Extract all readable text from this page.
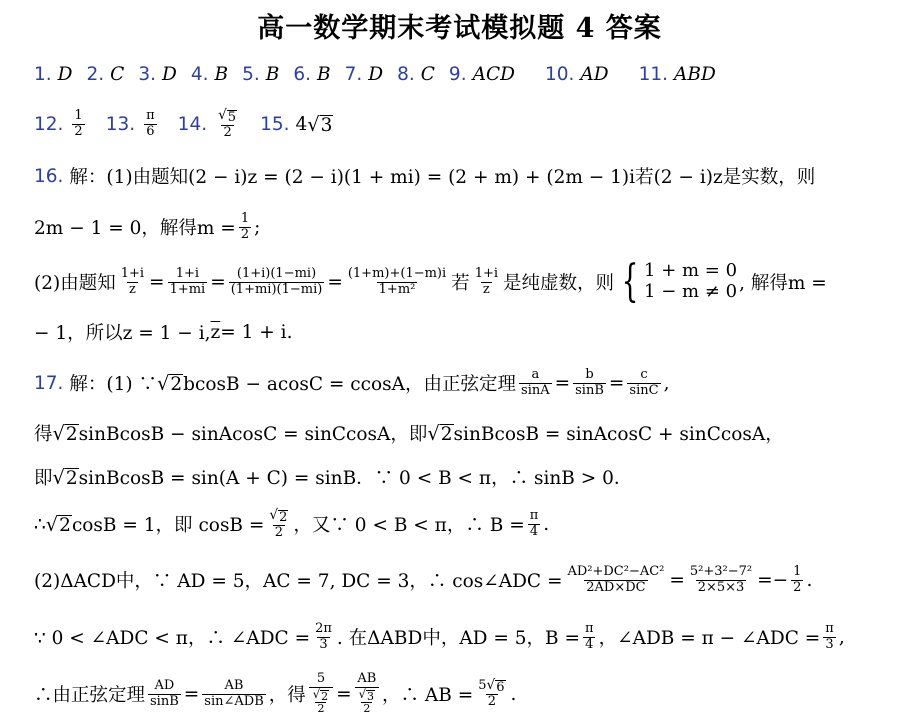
高一数学期末考试模拟题 4 答案
1. D 2. C 3. D 4. B 5. B 6. B 7. D 8. C 9. ACD 10. AD 11. ABD
12. $\frac{1}{2} 13$. $\frac{\pi}{6} 14$. $\frac{√ 5}{2} 15$. 4 √ 3
16. 解：(1)由题知(2 − i)z = (2 − i)(1 + mi) = (2 + m) + (2m − 1)i若(2 − i)z是实数，则
2m − 1 = 0，解得$m = \frac{1}{2}$ ;
(2)由题知 $\frac{1+i}{z} = \frac{1+i}{1+mi} = \frac{(1+i)(1-mi)}{(1+mi)(1-mi)} = \frac{(1+m)+(1-m)i}{\text{1+m²}}$ 若 $\frac{1+i}{z}$ 是纯虚数，则 { 1 + m = 0
1 − m ≠ 0 , 解得m =
− 1，所以z = 1 − i, $\overline{z} = 1 + i$.
17. 解：(1) ∵ √ 2 bcosB − acosC = ccosA，由正弦定理 $\frac{a}{\sin A} = \frac{b}{\sin B} = \frac{c}{\sin C}$ ,
得 √ 2 sinBcosB − sinAcosC = sinCcosA，即 √ 2 sinBcosB = sinAcosC + sinCcosA，
即 √ 2 sinBcosB = sin(A + C) = sinB．∵ 0 < B < π，∴ sinB > 0．
∴ √ 2 cosB = 1，即 $\cos B = \frac{√ 2}{2}$ ，又∵ 0 < B < π，∴ $B = \frac{\pi}{4}$ .
(2)ΔACD中，∵ AD = 5，AC = 7, DC = 3，∴ cos∠ADC = $\frac{\text{AD²+DC²−AC²}}{2AD\times DC} = \frac{\text{5²+3²−7²}}{2\times 5\times 3} =- \frac{1}{2}$ .
∵ 0 < ∠ADC < π，∴ ∠ADC = $\frac{2\pi}{3}$ . 在ΔABD中，AD = 5，$B = \frac{\pi}{4}$ ，∠ADB = π − ∠ADC = $\frac{\pi}{3}$ ,
∴由正弦定理 $\frac{AD}{\sin B} = \frac{AB}{\text{sin∠ADB}}$ ，得 $\frac{5}{\frac{√ 2}{2}} = \frac{AB}{\frac{√ 3}{2}}$ ，∴ AB = $\frac{5 √ 6}{2}$ .
